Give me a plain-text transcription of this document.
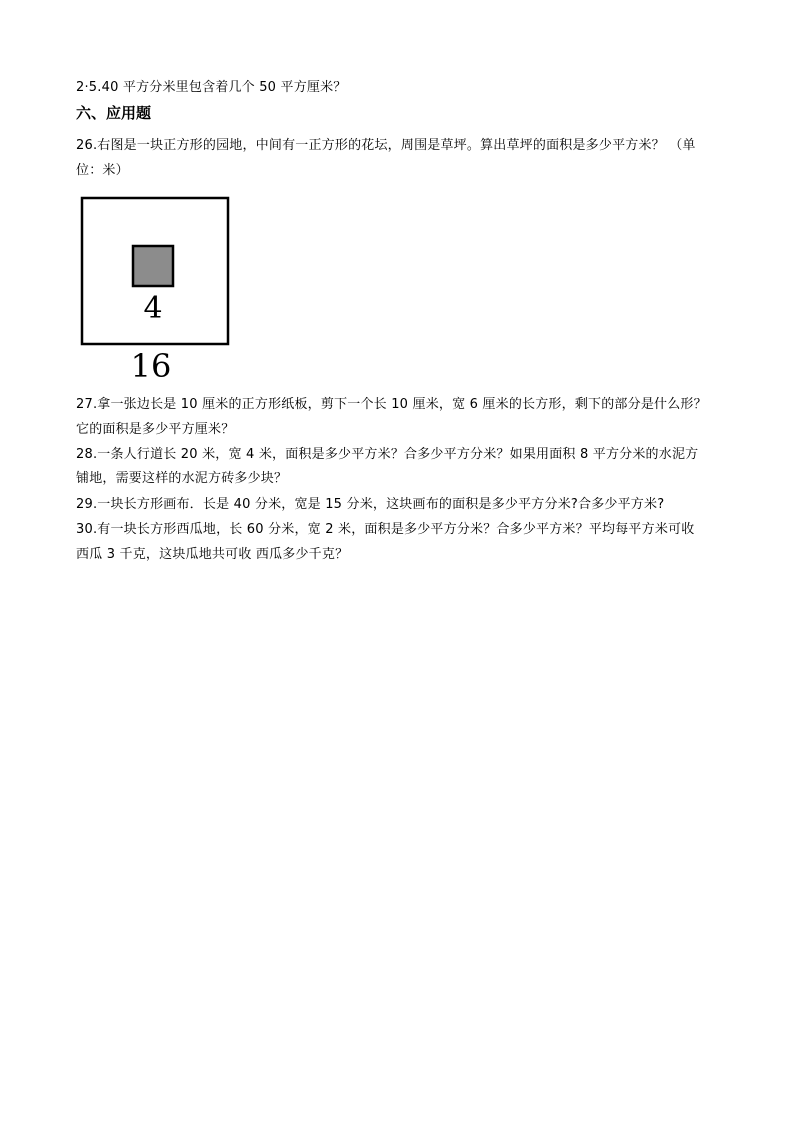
2·5.40 平方分米里包含着几个 50 平方厘米？
六、应用题
26.右图是一块正方形的园地，中间有一正方形的花坛，周围是草坪。算出草坪的面积是多少平方米？ （单
位：米）
4
16
27.拿一张边长是 10 厘米的正方形纸板，剪下一个长 10 厘米，宽 6 厘米的长方形，剩下的部分是什么形？
它的面积是多少平方厘米？
28.一条人行道长 20 米，宽 4 米，面积是多少平方米？合多少平方分米？如果用面积 8 平方分米的水泥方
铺地，需要这样的水泥方砖多少块？
29.一块长方形画布．长是 40 分米，宽是 15 分米，这块画布的面积是多少平方分米?合多少平方米?
30.有一块长方形西瓜地，长 60 分米，宽 2 米，面积是多少平方分米？合多少平方米？平均每平方米可收
西瓜 3 千克，这块瓜地共可收 西瓜多少千克？
